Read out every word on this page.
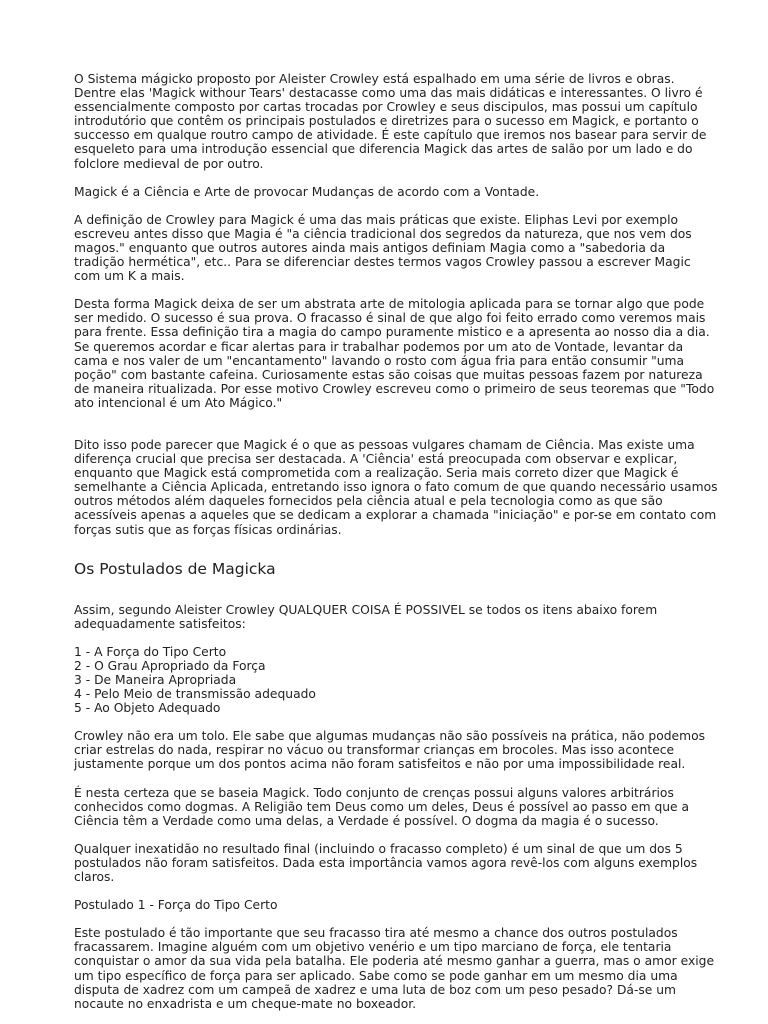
O Sistema mágicko proposto por Aleister Crowley está espalhado em uma série de livros e obras. Dentre elas 'Magick withour Tears' destacasse como uma das mais didáticas e interessantes. O livro é essencialmente composto por cartas trocadas por Crowley e seus discipulos, mas possui um capítulo introdutório que contêm os principais postulados e diretrizes para o sucesso em Magick, e portanto o successo em qualque routro campo de atividade. É este capítulo que iremos nos basear para servir de esqueleto para uma introdução essencial que diferencia Magick das artes de salão por um lado e do folclore medieval de por outro.

Magick é a Ciência e Arte de provocar Mudanças de acordo com a Vontade.

A definição de Crowley para Magick é uma das mais práticas que existe. Eliphas Levi por exemplo escreveu antes disso que Magia é "a ciência tradicional dos segredos da natureza, que nos vem dos magos." enquanto que outros autores ainda mais antigos definiam Magia como a "sabedoria da tradição hermética", etc.. Para se diferenciar destes termos vagos Crowley passou a escrever Magic com um K a mais.

Desta forma Magick deixa de ser um abstrata arte de mitologia aplicada para se tornar algo que pode ser medido. O sucesso é sua prova. O fracasso é sinal de que algo foi feito errado como veremos mais para frente. Essa definição tira a magia do campo puramente mistico e a apresenta ao nosso dia a dia. Se queremos acordar e ficar alertas para ir trabalhar podemos por um ato de Vontade, levantar da cama e nos valer de um "encantamento" lavando o rosto com água fria para então consumir "uma poção" com bastante cafeina. Curiosamente estas são coisas que muitas pessoas fazem por natureza de maneira ritualizada. Por esse motivo Crowley escreveu como o primeiro de seus teoremas que "Todo ato intencional é um Ato Mágico."

Dito isso pode parecer que Magick é o que as pessoas vulgares chamam de Ciência. Mas existe uma diferença crucial que precisa ser destacada. A 'Ciência' está preocupada com observar e explicar, enquanto que Magick está comprometida com a realização. Seria mais correto dizer que Magick é semelhante a Ciência Aplicada, entretando isso ignora o fato comum de que quando necessário usamos outros métodos além daqueles fornecidos pela ciência atual e pela tecnologia como as que são acessíveis apenas a aqueles que se dedicam a explorar a chamada "iniciação" e por-se em contato com forças sutis que as forças físicas ordinárias.

Os Postulados de Magicka

Assim, segundo Aleister Crowley QUALQUER COISA É POSSIVEL se todos os itens abaixo forem adequadamente satisfeitos:

1 - A Força do Tipo Certo
2 - O Grau Apropriado da Força
3 - De Maneira Apropriada
4 - Pelo Meio de transmissão adequado
5 - Ao Objeto Adequado

Crowley não era um tolo. Ele sabe que algumas mudanças não são possíveis na prática, não podemos criar estrelas do nada, respirar no vácuo ou transformar crianças em brocoles. Mas isso acontece justamente porque um dos pontos acima não foram satisfeitos e não por uma impossibilidade real.

É nesta certeza que se baseia Magick. Todo conjunto de crenças possui alguns valores arbitrários conhecidos como dogmas. A Religião tem Deus como um deles, Deus é possível ao passo em que a Ciência têm a Verdade como uma delas, a Verdade é possível. O dogma da magia é o sucesso.

Qualquer inexatidão no resultado final (incluindo o fracasso completo) é um sinal de que um dos 5 postulados não foram satisfeitos. Dada esta importância vamos agora revê-los com alguns exemplos claros.

Postulado 1 - Força do Tipo Certo

Este postulado é tão importante que seu fracasso tira até mesmo a chance dos outros postulados fracassarem. Imagine alguém com um objetivo venério e um tipo marciano de força, ele tentaria conquistar o amor da sua vida pela batalha. Ele poderia até mesmo ganhar a guerra, mas o amor exige um tipo específico de força para ser aplicado. Sabe como se pode ganhar em um mesmo dia uma disputa de xadrez com um campeã de xadrez e uma luta de boz com um peso pesado? Dá-se um nocaute no enxadrista e um cheque-mate no boxeador.
